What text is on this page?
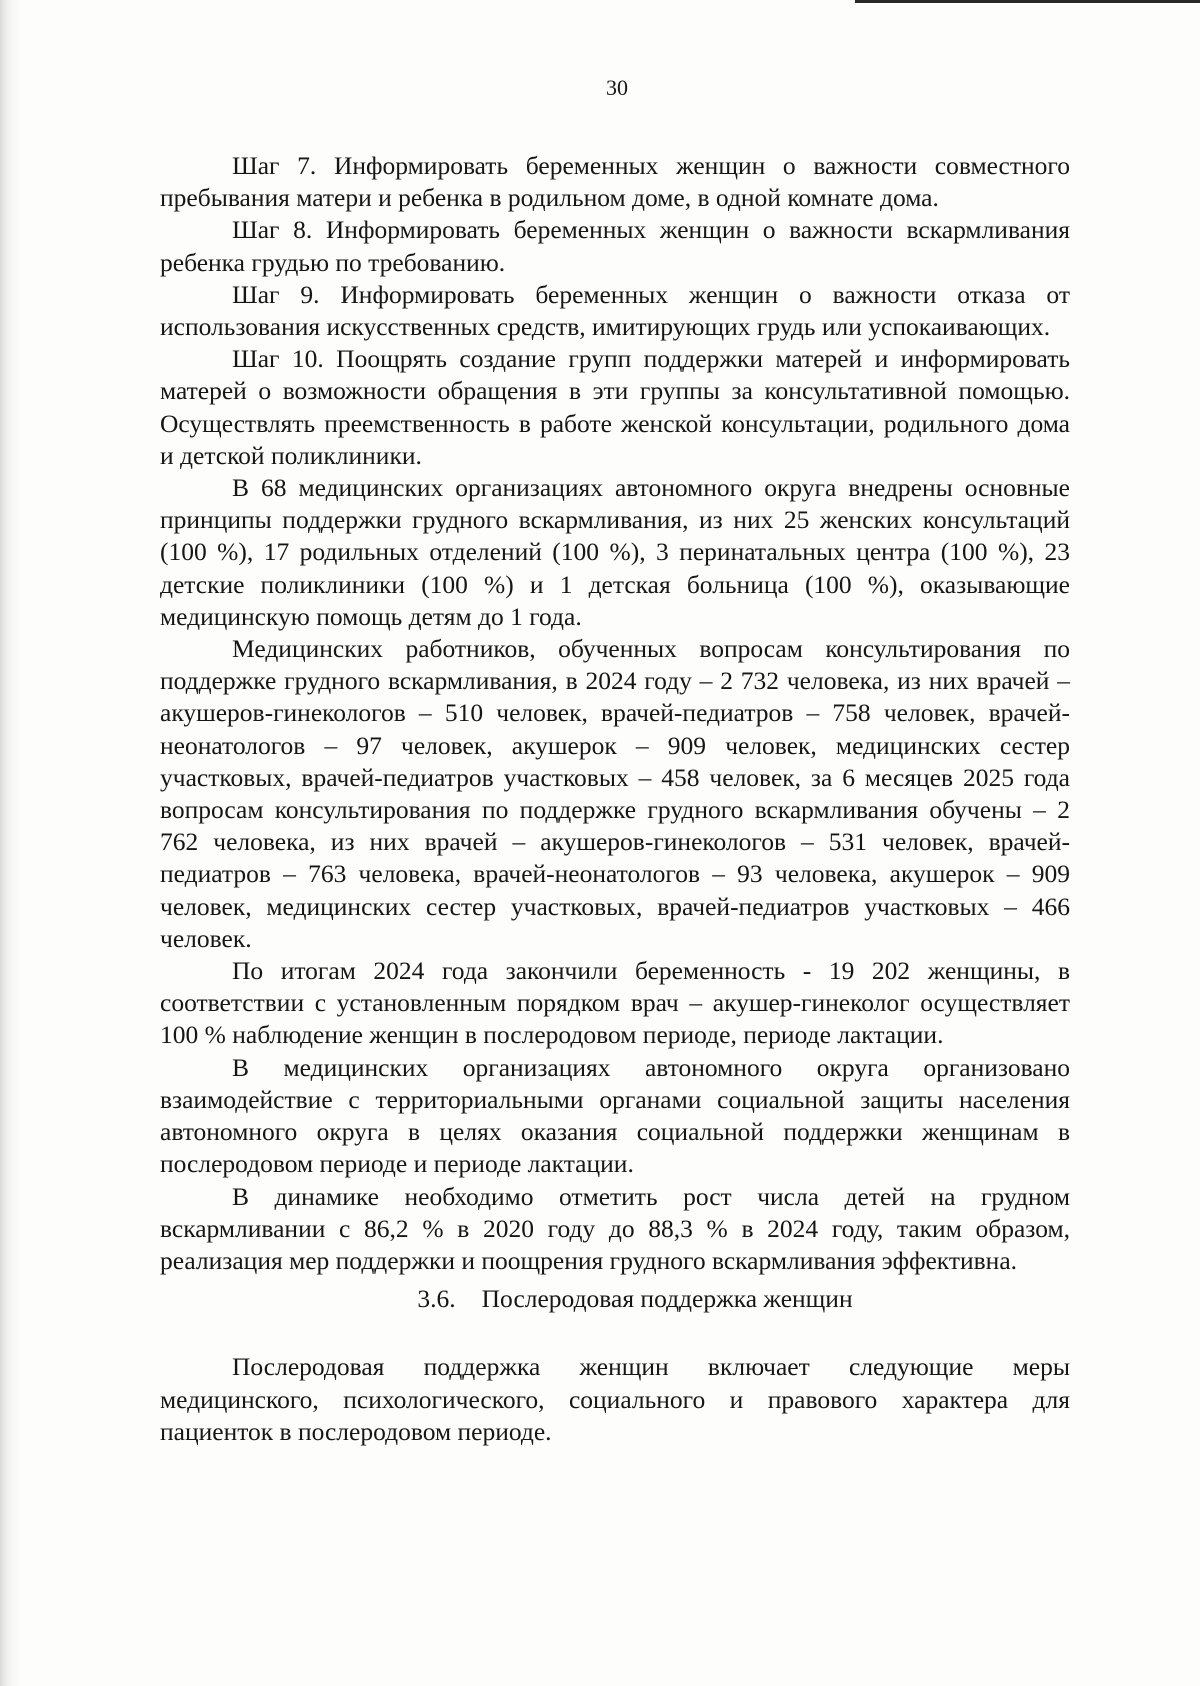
30

Шаг 7. Информировать беременных женщин о важности совместного пребывания матери и ребенка в родильном доме, в одной комнате дома.

Шаг 8. Информировать беременных женщин о важности вскармливания ребенка грудью по требованию.

Шаг 9. Информировать беременных женщин о важности отказа от использования искусственных средств, имитирующих грудь или успокаивающих.

Шаг 10. Поощрять создание групп поддержки матерей и информировать матерей о возможности обращения в эти группы за консультативной помощью. Осуществлять преемственность в работе женской консультации, родильного дома и детской поликлиники.

В 68 медицинских организациях автономного округа внедрены основные принципы поддержки грудного вскармливания, из них 25 женских консультаций (100 %), 17 родильных отделений (100 %), 3 перинатальных центра (100 %), 23 детские поликлиники (100 %) и 1 детская больница (100 %), оказывающие медицинскую помощь детям до 1 года.

Медицинских работников, обученных вопросам консультирования по поддержке грудного вскармливания, в 2024 году – 2 732 человека, из них врачей – акушеров-гинекологов – 510 человек, врачей-педиатров – 758 человек, врачей-неонатологов – 97 человек, акушерок – 909 человек, медицинских сестер участковых, врачей-педиатров участковых – 458 человек, за 6 месяцев 2025 года вопросам консультирования по поддержке грудного вскармливания обучены – 2 762 человека, из них врачей – акушеров-гинекологов – 531 человек, врачей-педиатров – 763 человека, врачей-неонатологов – 93 человека, акушерок – 909 человек, медицинских сестер участковых, врачей-педиатров участковых – 466 человек.

По итогам 2024 года закончили беременность - 19 202 женщины, в соответствии с установленным порядком врач – акушер-гинеколог осуществляет 100 % наблюдение женщин в послеродовом периоде, периоде лактации.

В медицинских организациях автономного округа организовано взаимодействие с территориальными органами социальной защиты населения автономного округа в целях оказания социальной поддержки женщинам в послеродовом периоде и периоде лактации.

В динамике необходимо отметить рост числа детей на грудном вскармливании с 86,2 % в 2020 году до 88,3 % в 2024 году, таким образом, реализация мер поддержки и поощрения грудного вскармливания эффективна.

3.6. Послеродовая поддержка женщин

Послеродовая поддержка женщин включает следующие меры медицинского, психологического, социального и правового характера для пациенток в послеродовом периоде.
